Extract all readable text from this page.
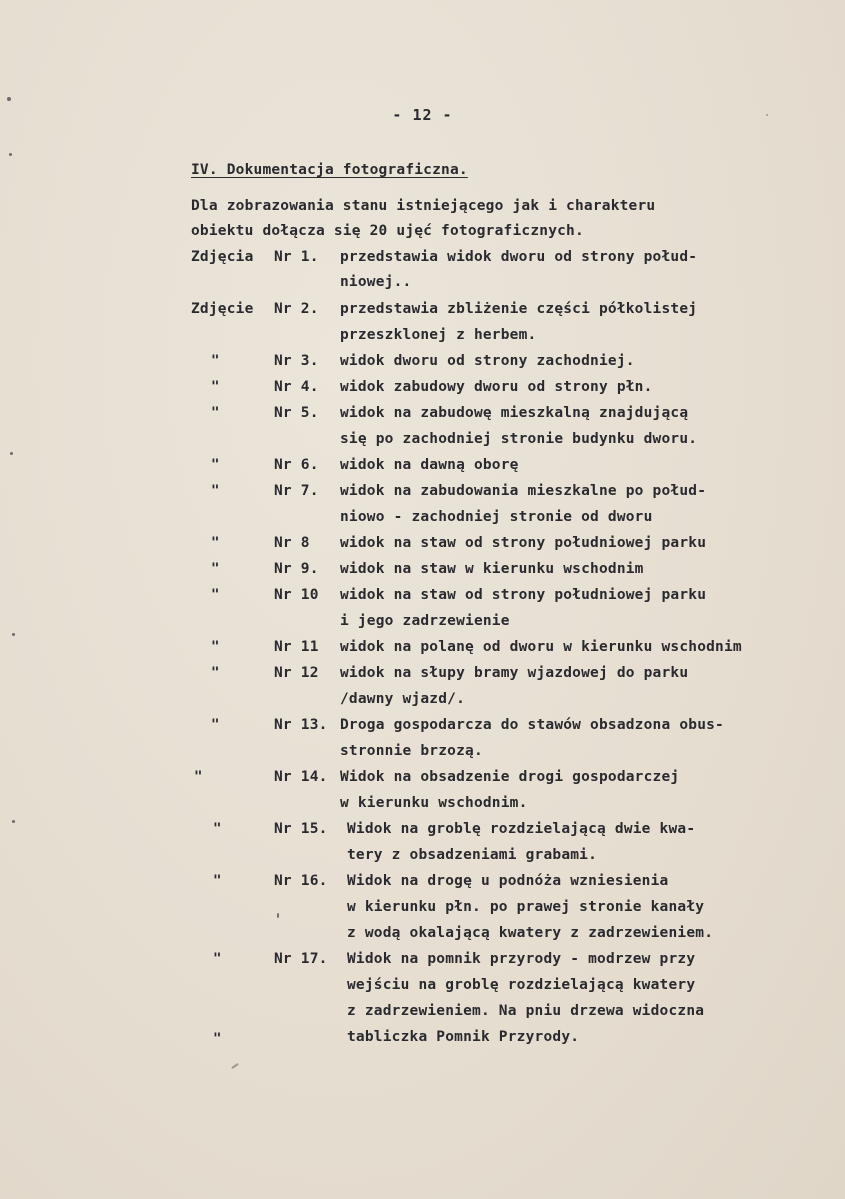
- 12 -
IV. Dokumentacja fotograficzna.
Dla zobrazowania stanu istniejącego jak i charakteru
obiektu dołącza się 20 ujęć fotograficznych.
Zdjęcia Nr 1. przedstawia widok dworu od strony połud-
niowej..
Zdjęcie Nr 2. przedstawia zbliżenie części półkolistej
przeszklonej z herbem.
"	Nr 3. widok dworu od strony zachodniej.
"	Nr 4. widok zabudowy dworu od strony płn.
"	Nr 5. widok na zabudowę mieszkalną znajdującą
się po zachodniej stronie budynku dworu.
"	Nr 6. widok na dawną oborę
"	Nr 7. widok na zabudowania mieszkalne po połud-
niowo - zachodniej stronie od dworu
"	Nr 8 widok na staw od strony południowej parku
"	Nr 9. widok na staw w kierunku wschodnim
"	Nr 10 widok na staw od strony południowej parku
i jego zadrzewienie
"	Nr 11 widok na polanę od dworu w kierunku wschodnim
"	Nr 12 widok na słupy bramy wjazdowej do parku
/dawny wjazd/.
"	Nr 13. Droga gospodarcza do stawów obsadzona obus-
stronnie brzozą.
"	Nr 14. Widok na obsadzenie drogi gospodarczej
w kierunku wschodnim.
"	Nr 15. Widok na groblę rozdzielającą dwie kwa-
tery z obsadzeniami grabami.
"	Nr 16. Widok na drogę u podnóża wzniesienia
w kierunku płn. po prawej stronie kanały
z wodą okalającą kwatery z zadrzewieniem.
"	Nr 17. Widok na pomnik przyrody - modrzew przy
wejściu na groblę rozdzielającą kwatery
z zadrzewieniem. Na pniu drzewa widoczna
tabliczka Pomnik Przyrody.
"
